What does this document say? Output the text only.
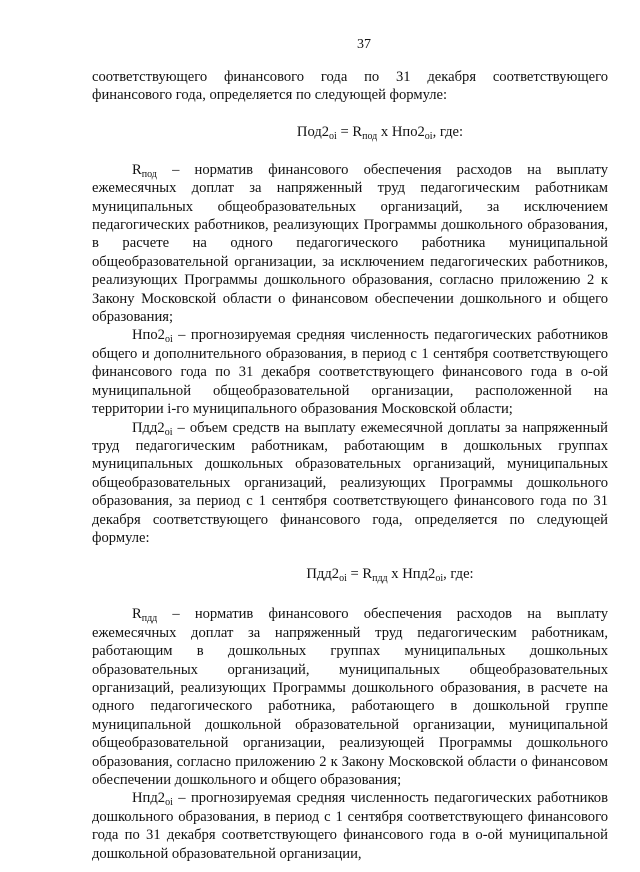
37

соответствующего финансового года по 31 декабря соответствующего финансового года, определяется по следующей формуле:

$Под2_{oi} = R_{под}$ x $Нпо2_{oi}$, где:

$R_{под}$ – норматив финансового обеспечения расходов на выплату ежемесячных доплат за напряженный труд педагогическим работникам муниципальных общеобразовательных организаций, за исключением педагогических работников, реализующих Программы дошкольного образования, в расчете на одного педагогического работника муниципальной общеобразовательной организации, за исключением педагогических работников, реализующих Программы дошкольного образования, согласно приложению 2 к Закону Московской области о финансовом обеспечении дошкольного и общего образования;

$Нпо2_{oi}$ – прогнозируемая средняя численность педагогических работников общего и дополнительного образования, в период с 1 сентября соответствующего финансового года по 31 декабря соответствующего финансового года в о-ой муниципальной общеобразовательной организации, расположенной на территории i-го муниципального образования Московской области;

$Пдд2_{oi}$ – объем средств на выплату ежемесячной доплаты за напряженный труд педагогическим работникам, работающим в дошкольных группах муниципальных дошкольных образовательных организаций, муниципальных общеобразовательных организаций, реализующих Программы дошкольного образования, за период с 1 сентября соответствующего финансового года по 31 декабря соответствующего финансового года, определяется по следующей формуле:

$Пдд2_{oi} = R_{пдд}$ x $Нпд2_{oi}$, где:

$R_{пдд}$ – норматив финансового обеспечения расходов на выплату ежемесячных доплат за напряженный труд педагогическим работникам, работающим в дошкольных группах муниципальных дошкольных образовательных организаций, муниципальных общеобразовательных организаций, реализующих Программы дошкольного образования, в расчете на одного педагогического работника, работающего в дошкольной группе муниципальной дошкольной образовательной организации, муниципальной общеобразовательной организации, реализующей Программы дошкольного образования, согласно приложению 2 к Закону Московской области о финансовом обеспечении дошкольного и общего образования;

$Нпд2_{oi}$ – прогнозируемая средняя численность педагогических работников дошкольного образования, в период с 1 сентября соответствующего финансового года по 31 декабря соответствующего финансового года в о-ой муниципальной дошкольной образовательной организации,
